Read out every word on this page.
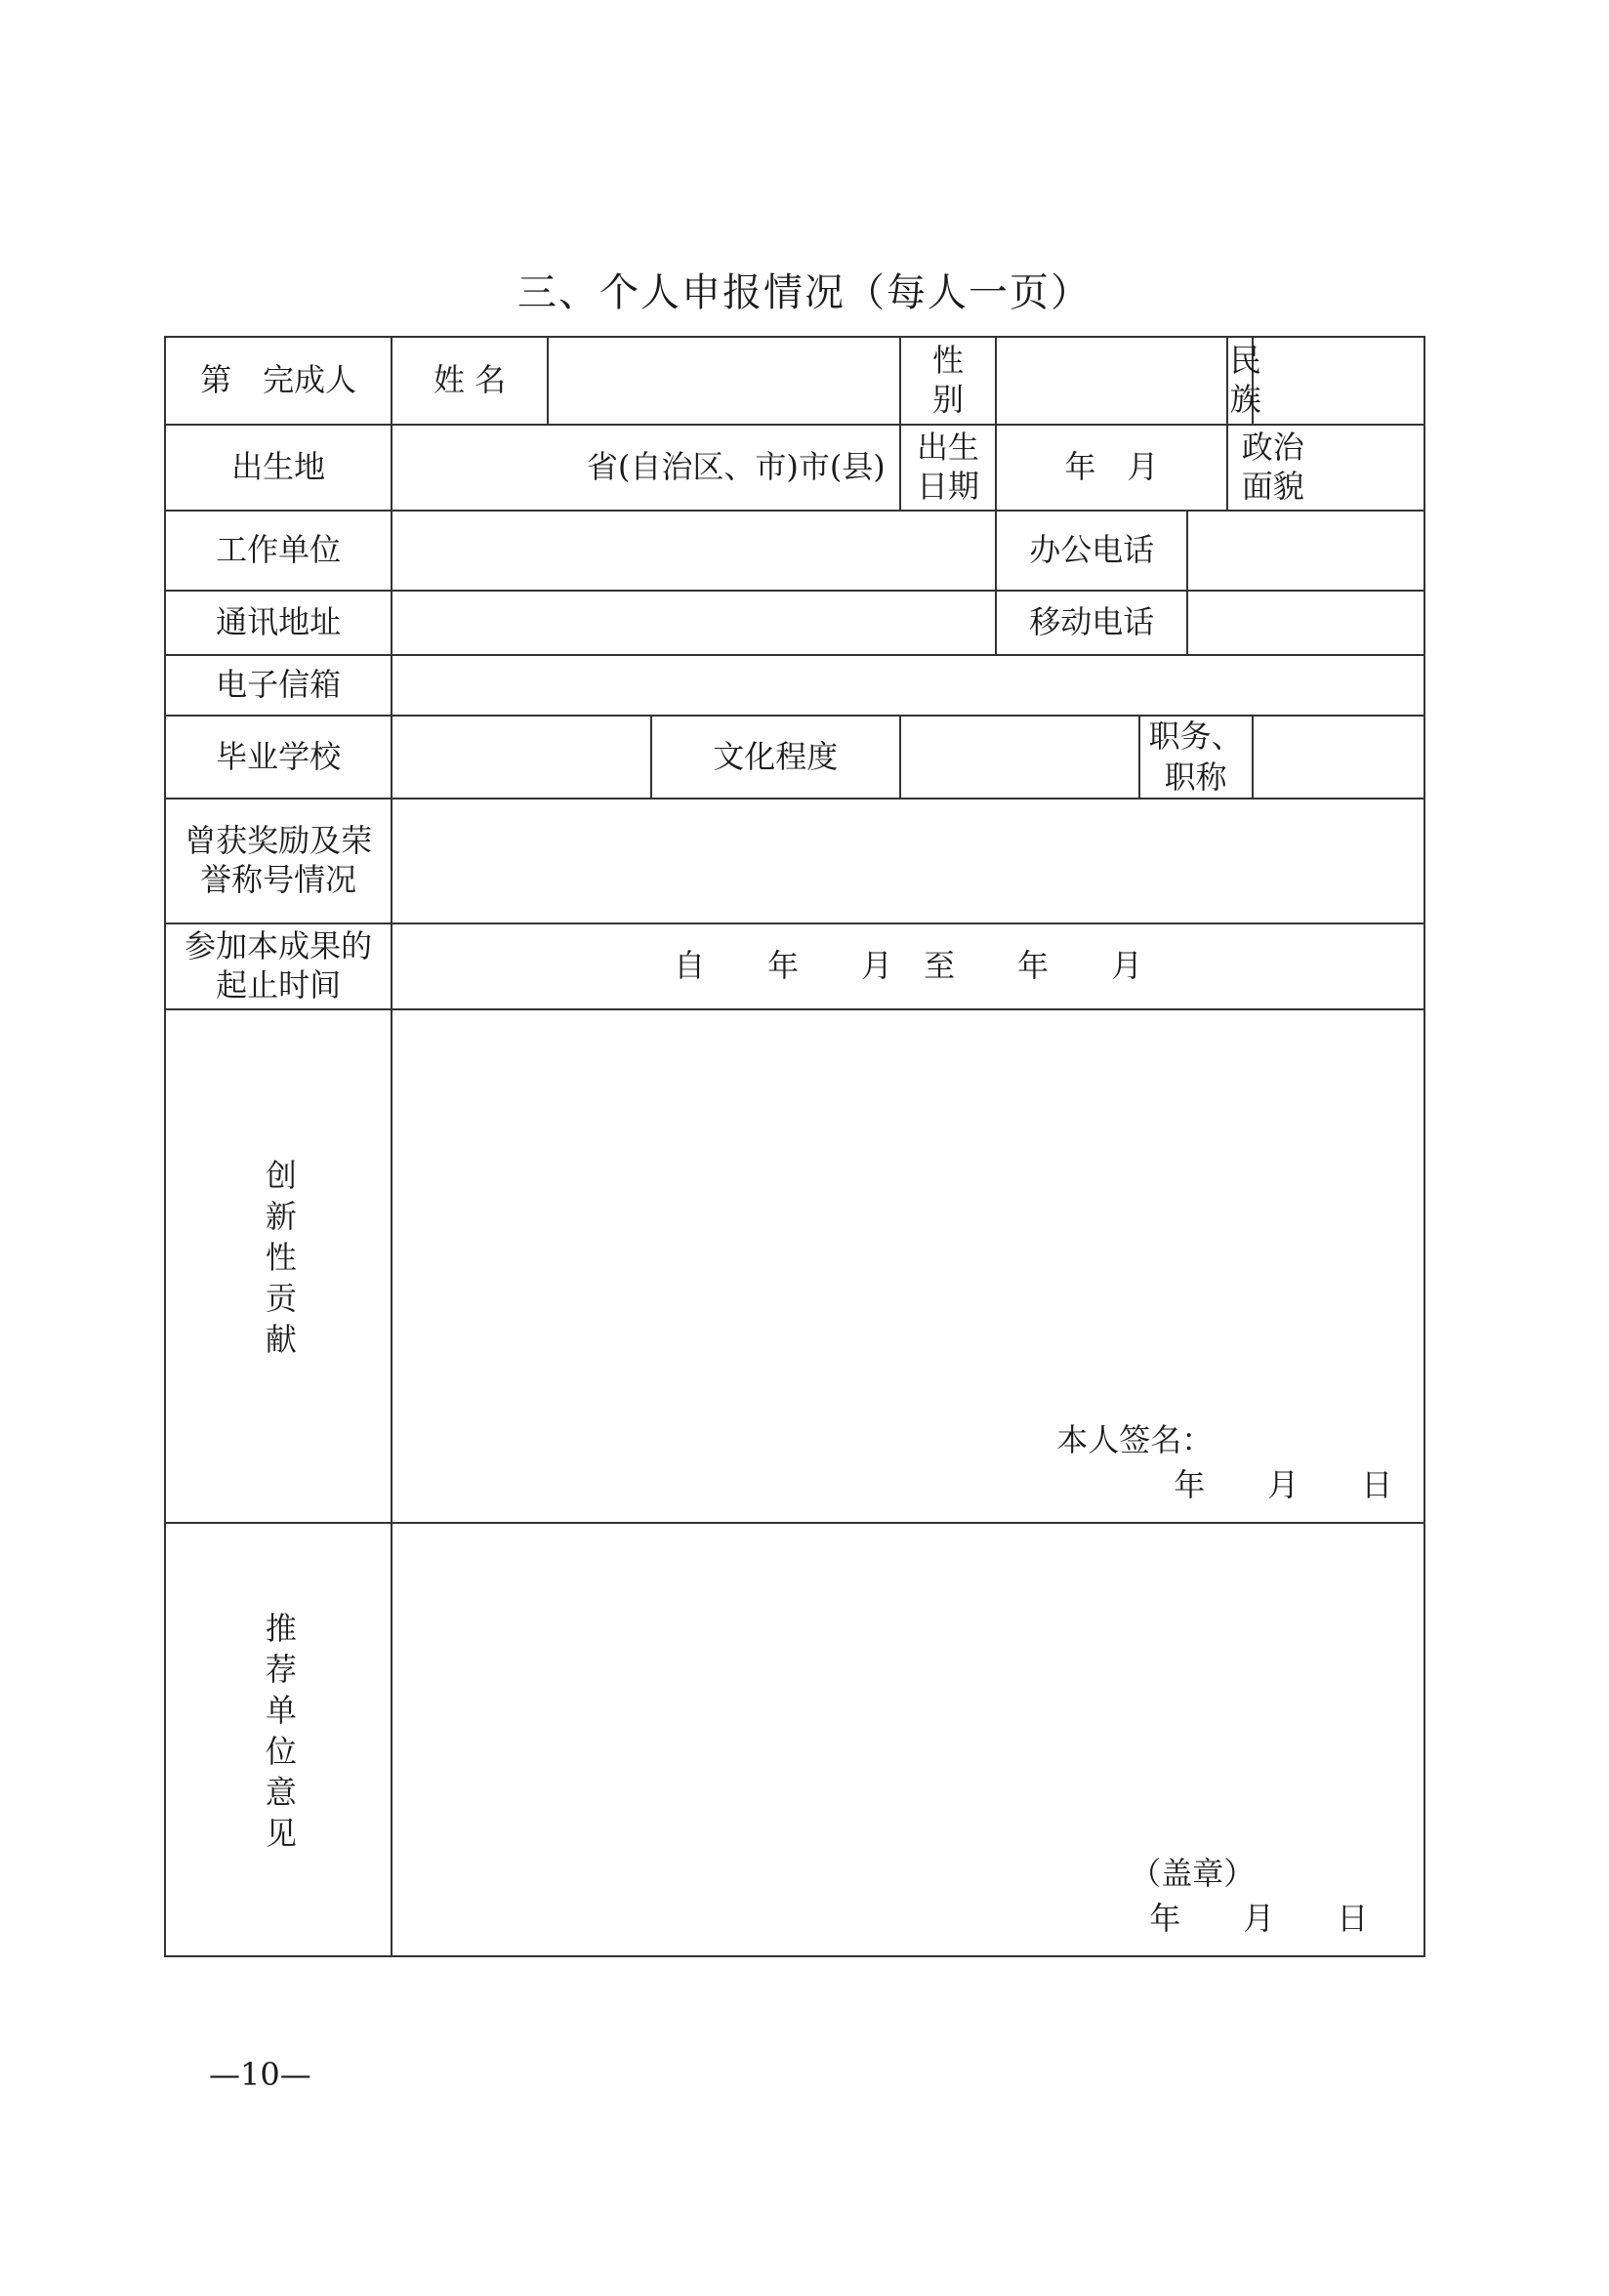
三、个人申报情况（每人一页）
第　完成人	姓 名			性别				民族	
出生地	省(自治区、市)市(县)			出生日期	年　月			政治面貌	
工作单位					办公电话				
通讯地址					移动电话				
电子信箱									
毕业学校			文化程度			职务、职称			
曾获奖励及荣誉称号情况									
参加本成果的起止时间	自　　年　　月　至　　年　　月								
创新性贡献	本人签名：
年　　月　　日								

推荐单位意见	（盖章）
年　　月　　日								
—10—
